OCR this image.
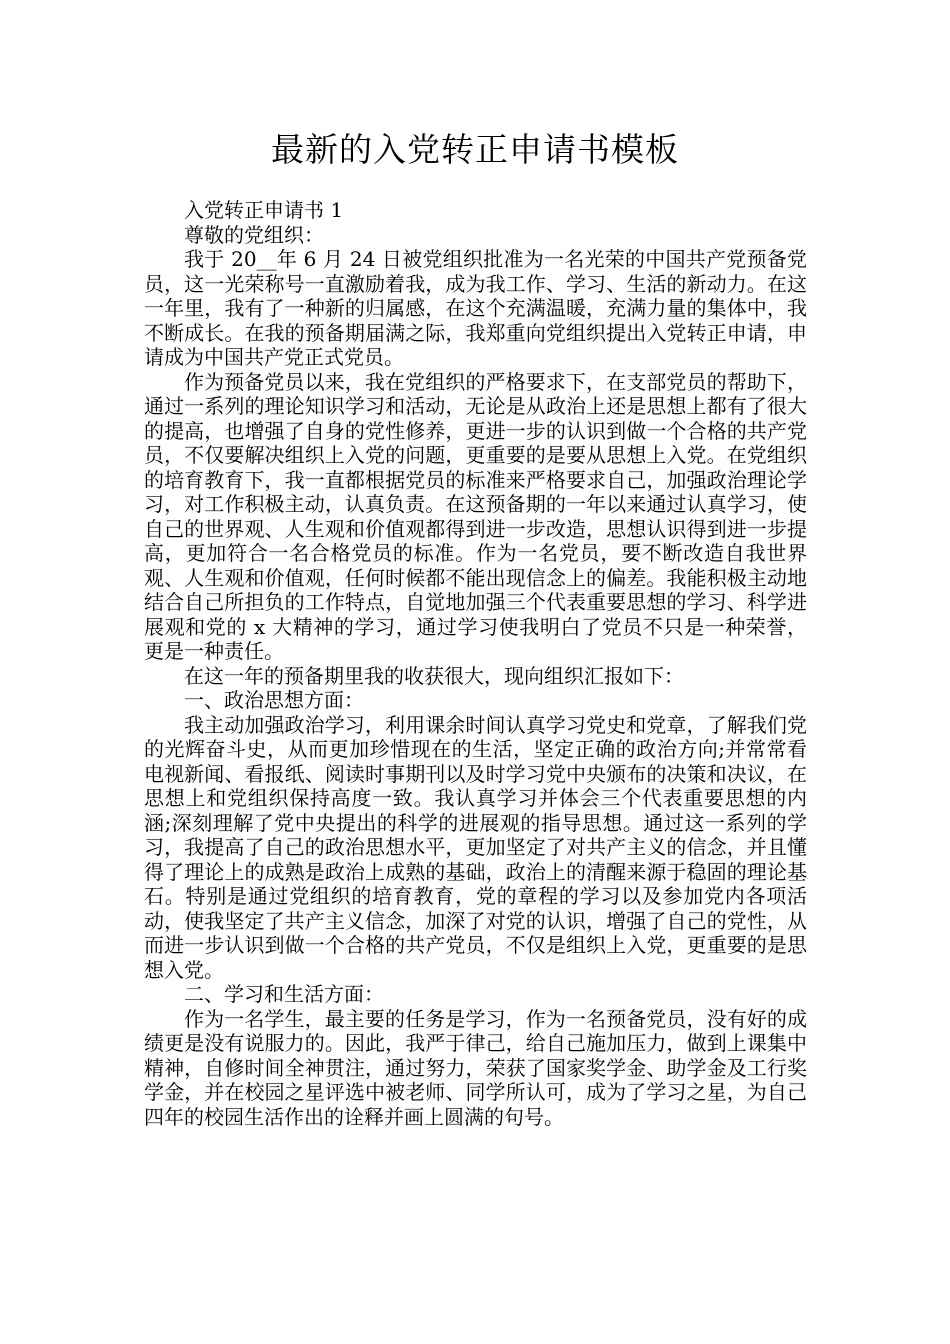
最新的入党转正申请书模板

入党转正申请书 1

尊敬的党组织：

我于 20__年 6 月 24 日被党组织批准为一名光荣的中国共产党预备党员，这一光荣称号一直激励着我，成为我工作、学习、生活的新动力。在这一年里，我有了一种新的归属感，在这个充满温暖，充满力量的集体中，我不断成长。在我的预备期届满之际，我郑重向党组织提出入党转正申请，申请成为中国共产党正式党员。

作为预备党员以来，我在党组织的严格要求下，在支部党员的帮助下，通过一系列的理论知识学习和活动，无论是从政治上还是思想上都有了很大的提高，也增强了自身的党性修养，更进一步的认识到做一个合格的共产党员，不仅要解决组织上入党的问题，更重要的是要从思想上入党。在党组织的培育教育下，我一直都根据党员的标准来严格要求自己，加强政治理论学习，对工作积极主动，认真负责。在这预备期的一年以来通过认真学习，使自己的世界观、人生观和价值观都得到进一步改造，思想认识得到进一步提高，更加符合一名合格党员的标准。作为一名党员，要不断改造自我世界观、人生观和价值观，任何时候都不能出现信念上的偏差。我能积极主动地结合自己所担负的工作特点，自觉地加强三个代表重要思想的学习、科学进展观和党的 x 大精神的学习，通过学习使我明白了党员不只是一种荣誉，更是一种责任。

在这一年的预备期里我的收获很大，现向组织汇报如下：

一、政治思想方面：

我主动加强政治学习，利用课余时间认真学习党史和党章，了解我们党的光辉奋斗史，从而更加珍惜现在的生活，坚定正确的政治方向;并常常看电视新闻、看报纸、阅读时事期刊以及时学习党中央颁布的决策和决议，在思想上和党组织保持高度一致。我认真学习并体会三个代表重要思想的内涵;深刻理解了党中央提出的科学的进展观的指导思想。通过这一系列的学习，我提高了自己的政治思想水平，更加坚定了对共产主义的信念，并且懂得了理论上的成熟是政治上成熟的基础，政治上的清醒来源于稳固的理论基石。特别是通过党组织的培育教育，党的章程的学习以及参加党内各项活动，使我坚定了共产主义信念，加深了对党的认识，增强了自己的党性，从而进一步认识到做一个合格的共产党员，不仅是组织上入党，更重要的是思想入党。

二、学习和生活方面：

作为一名学生，最主要的任务是学习，作为一名预备党员，没有好的成绩更是没有说服力的。因此，我严于律己，给自己施加压力，做到上课集中精神，自修时间全神贯注，通过努力，荣获了国家奖学金、助学金及工行奖学金，并在校园之星评选中被老师、同学所认可，成为了学习之星，为自己四年的校园生活作出的诠释并画上圆满的句号。
